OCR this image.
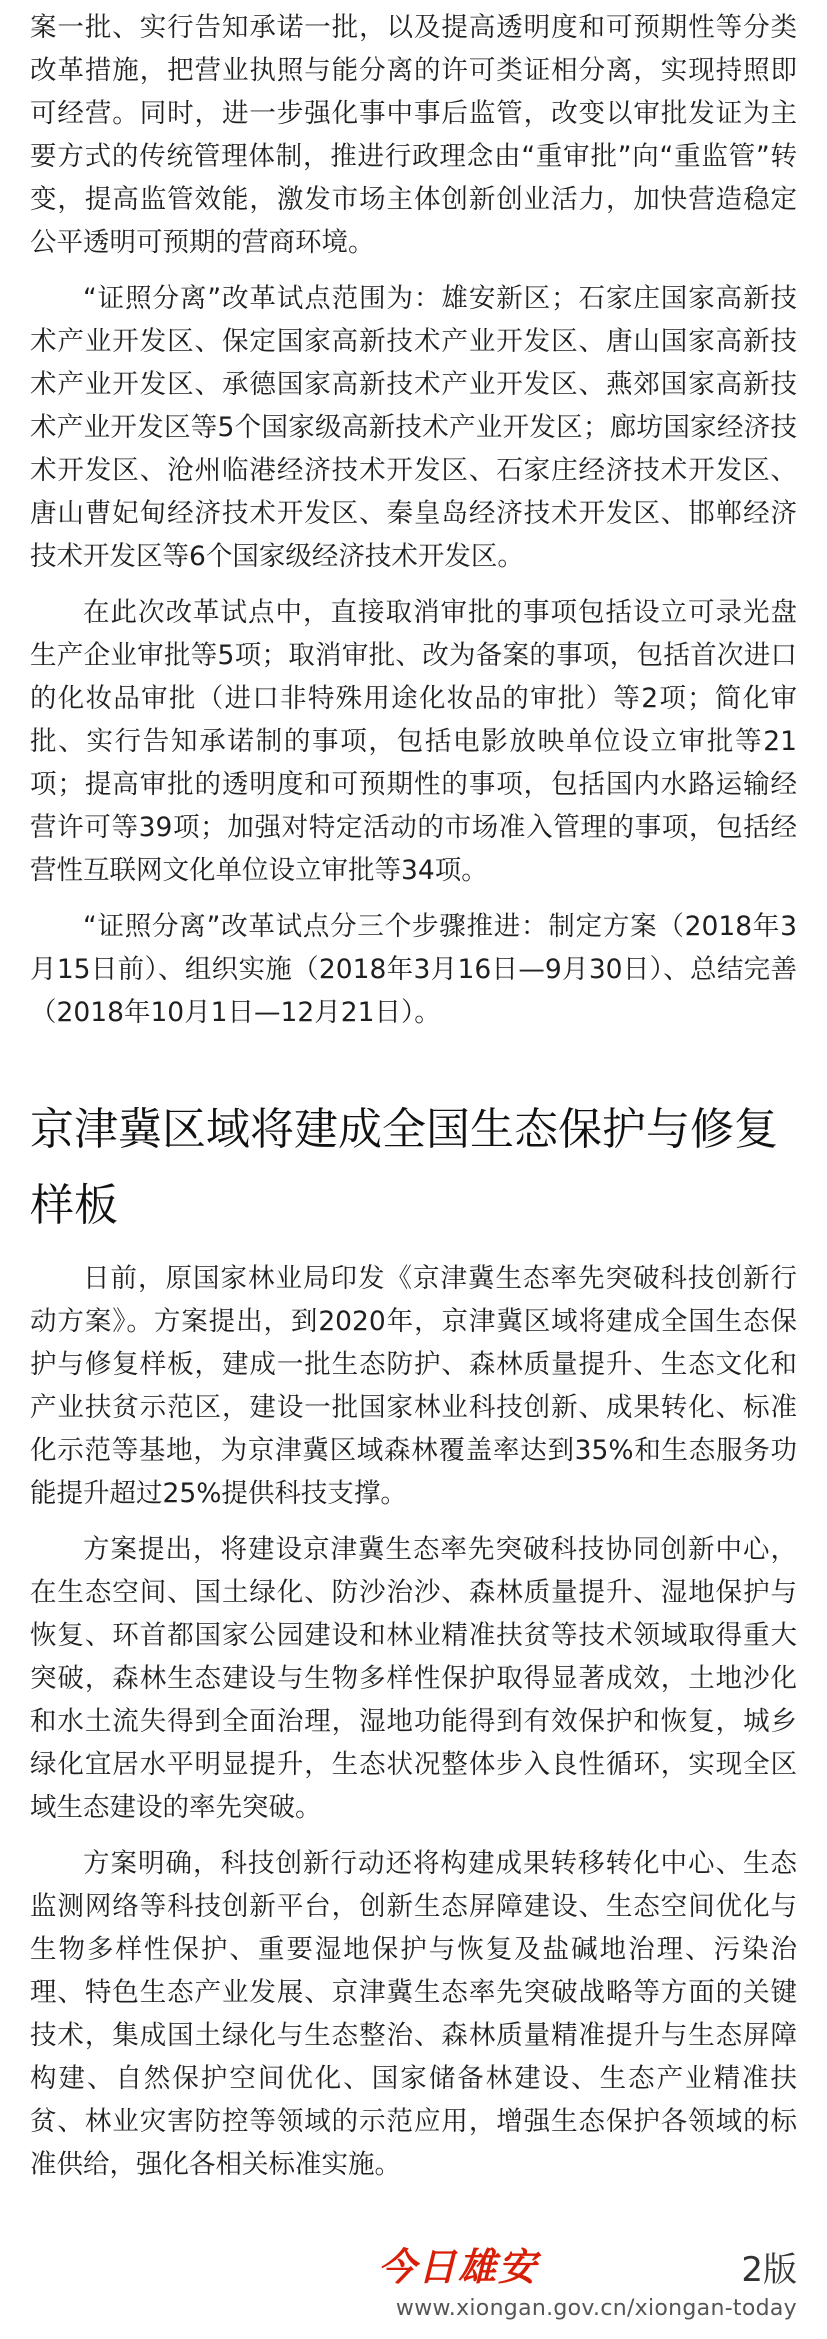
案一批、实行告知承诺一批，以及提高透明度和可预期性等分类改革措施，把营业执照与能分离的许可类证相分离，实现持照即可经营。同时，进一步强化事中事后监管，改变以审批发证为主要方式的传统管理体制，推进行政理念由“重审批”向“重监管”转变，提高监管效能，激发市场主体创新创业活力，加快营造稳定公平透明可预期的营商环境。

“证照分离”改革试点范围为：雄安新区；石家庄国家高新技术产业开发区、保定国家高新技术产业开发区、唐山国家高新技术产业开发区、承德国家高新技术产业开发区、燕郊国家高新技术产业开发区等5个国家级高新技术产业开发区；廊坊国家经济技术开发区、沧州临港经济技术开发区、石家庄经济技术开发区、唐山曹妃甸经济技术开发区、秦皇岛经济技术开发区、邯郸经济技术开发区等6个国家级经济技术开发区。

在此次改革试点中，直接取消审批的事项包括设立可录光盘生产企业审批等5项；取消审批、改为备案的事项，包括首次进口的化妆品审批（进口非特殊用途化妆品的审批）等2项；简化审批、实行告知承诺制的事项，包括电影放映单位设立审批等21项；提高审批的透明度和可预期性的事项，包括国内水路运输经营许可等39项；加强对特定活动的市场准入管理的事项，包括经营性互联网文化单位设立审批等34项。

“证照分离”改革试点分三个步骤推进：制定方案（2018年3月15日前）、组织实施（2018年3月16日—9月30日）、总结完善（2018年10月1日—12月21日）。

京津冀区域将建成全国生态保护与修复样板

日前，原国家林业局印发《京津冀生态率先突破科技创新行动方案》。方案提出，到2020年，京津冀区域将建成全国生态保护与修复样板，建成一批生态防护、森林质量提升、生态文化和产业扶贫示范区，建设一批国家林业科技创新、成果转化、标准化示范等基地，为京津冀区域森林覆盖率达到35%和生态服务功能提升超过25%提供科技支撑。

方案提出，将建设京津冀生态率先突破科技协同创新中心，在生态空间、国土绿化、防沙治沙、森林质量提升、湿地保护与恢复、环首都国家公园建设和林业精准扶贫等技术领域取得重大突破，森林生态建设与生物多样性保护取得显著成效，土地沙化和水土流失得到全面治理，湿地功能得到有效保护和恢复，城乡绿化宜居水平明显提升，生态状况整体步入良性循环，实现全区域生态建设的率先突破。

方案明确，科技创新行动还将构建成果转移转化中心、生态监测网络等科技创新平台，创新生态屏障建设、生态空间优化与生物多样性保护、重要湿地保护与恢复及盐碱地治理、污染治理、特色生态产业发展、京津冀生态率先突破战略等方面的关键技术，集成国土绿化与生态整治、森林质量精准提升与生态屏障构建、自然保护空间优化、国家储备林建设、生态产业精准扶贫、林业灾害防控等领域的示范应用，增强生态保护各领域的标准供给，强化各相关标准实施。

今日雄安	2版
www.xiongan.gov.cn/xiongan-today
